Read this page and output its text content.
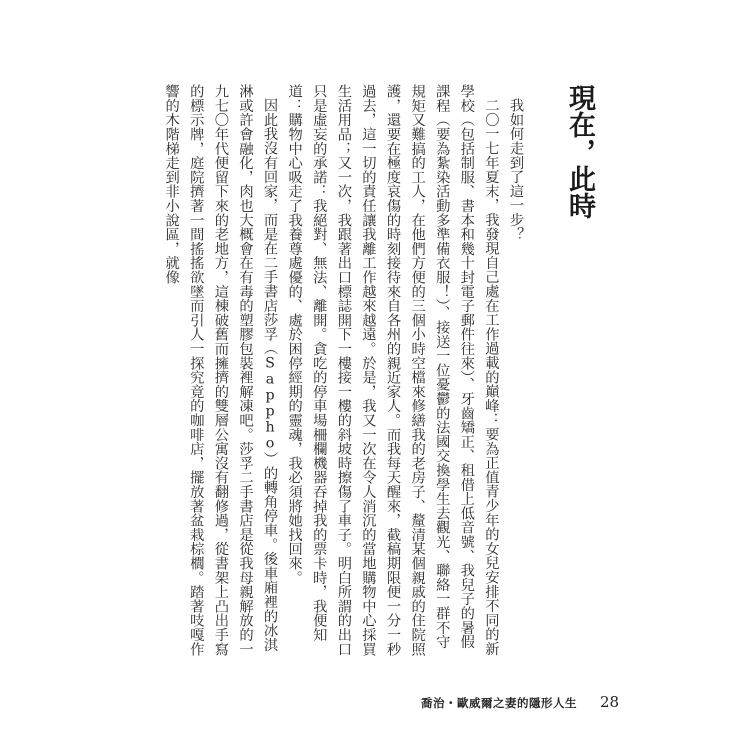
現在，此時

我如何走到了這一步？

二〇一七年夏末，我發現自己處在工作過載的巔峰：要為正值青少年的女兒安排不同的新學校（包括制服、書本和幾十封電子郵件往來）、牙齒矯正、租借上低音號、我兒子的暑假課程（要為紮染活動多準備衣服！）、接送一位憂鬱的法國交換學生去觀光、聯絡一群不守規矩又難搞的工人，在他們方便的三個小時空檔來修繕我的老房子、釐清某個親戚的住院照護，還要在極度哀傷的時刻接待來自各州的親近家人。而我每天醒來，截稿期限便一分一秒過去，這一切的責任讓我離工作越來越遠。於是，我又一次在令人消沉的當地購物中心採買生活用品；又一次，我跟著出口標誌開下一樓接一樓的斜坡時擦傷了車子。明白所謂的出口只是虛妄的承諾：我絕對、無法、離開。貪吃的停車場柵欄機器吞掉我的票卡時，我便知道：購物中心吸走了我養尊處優的、處於困停經期的靈魂，我必須將她找回來。

因此我沒有回家，而是在二手書店莎孚（Sappho）的轉角停車。後車廂裡的冰淇淋或許會融化，肉也大概會在有毒的塑膠包裝裡解凍吧。莎孚二手書店是從我母親解放的一九七〇年代便留下來的老地方，這棟破舊而擁擠的雙層公寓沒有翻修過，從書架上凸出手寫的標示牌，庭院擠著一間搖搖欲墜而引人一探究竟的咖啡店，擺放著盆栽棕櫚。踏著吱嘎作響的木階梯走到非小說區，就像

喬治・歐威爾之妻的隱形人生 28
